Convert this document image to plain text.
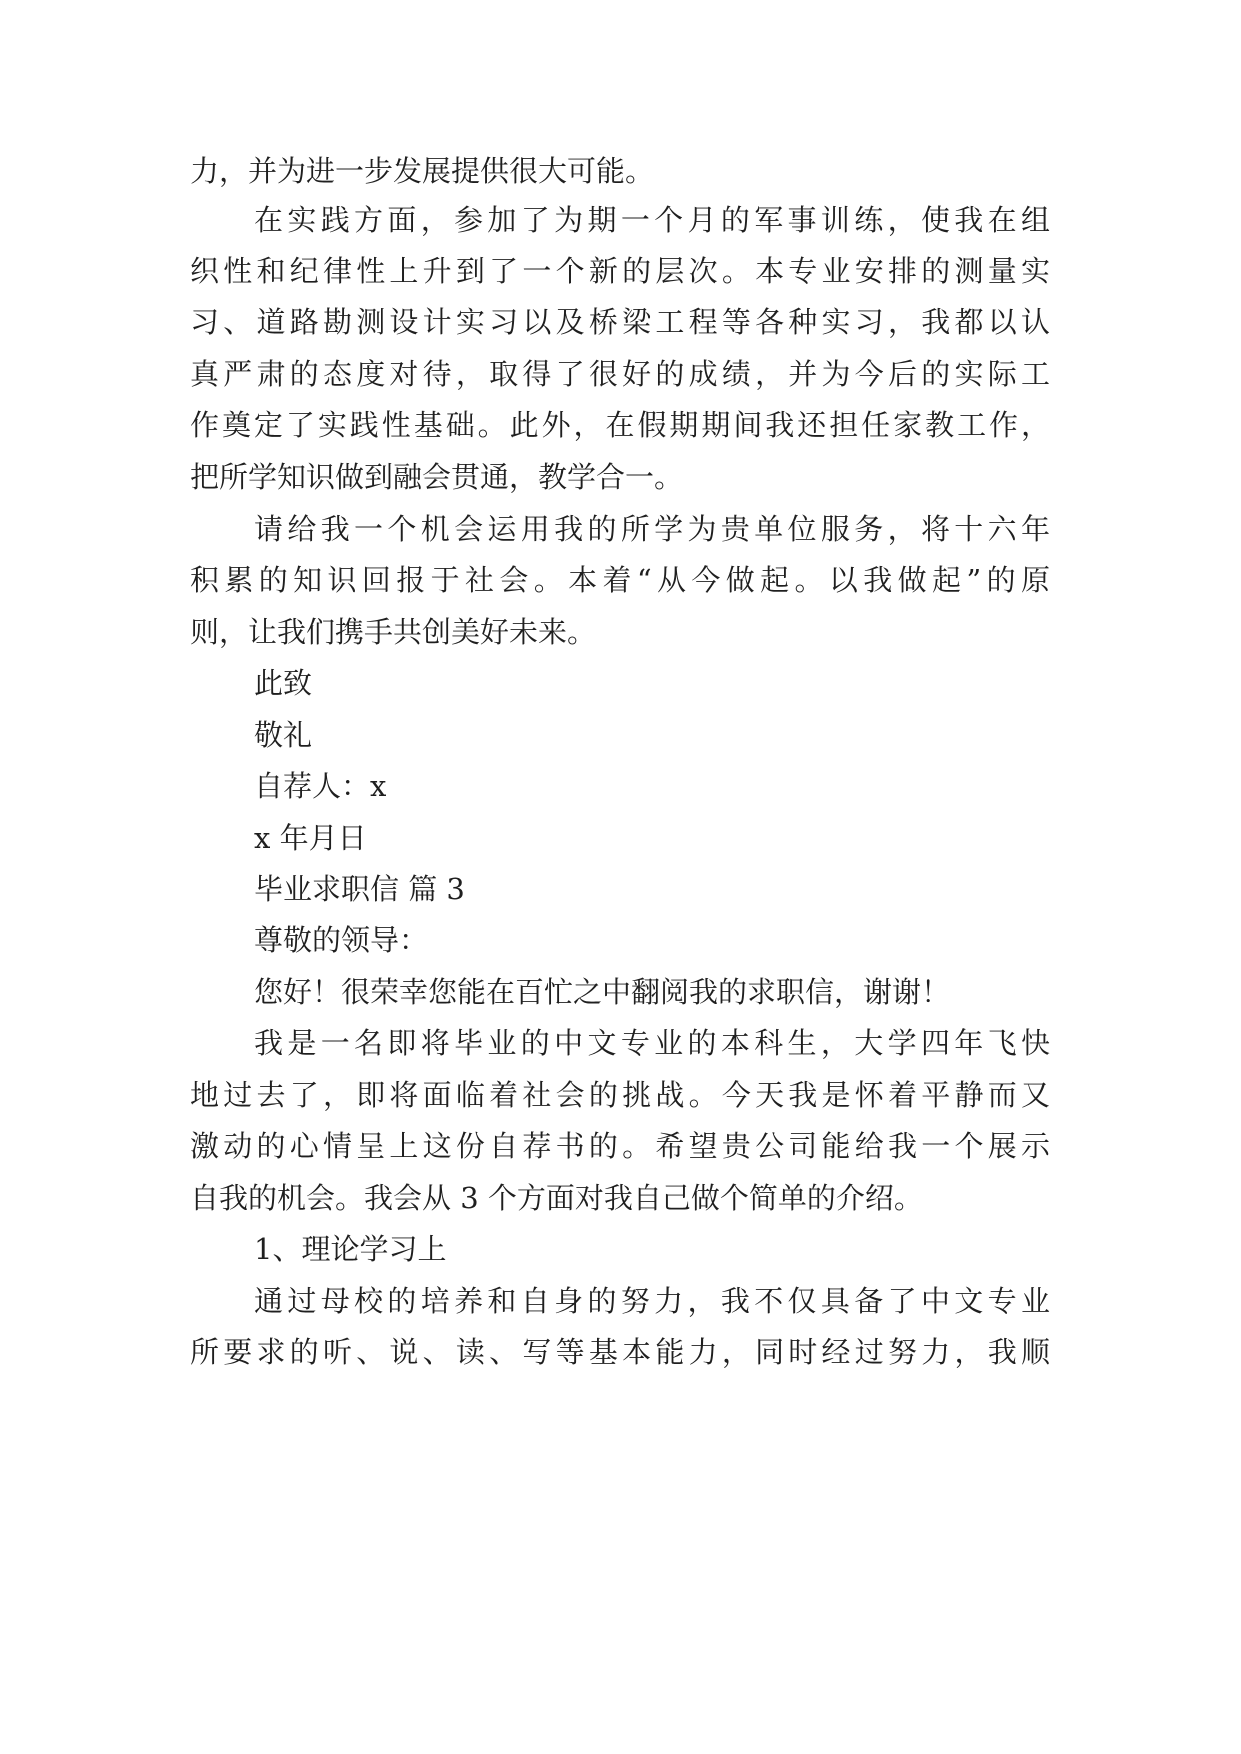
力，并为进一步发展提供很大可能。
在实践方面，参加了为期一个月的军事训练，使我在组
织性和纪律性上升到了一个新的层次。本专业安排的测量实
习、道路勘测设计实习以及桥梁工程等各种实习，我都以认
真严肃的态度对待，取得了很好的成绩，并为今后的实际工
作奠定了实践性基础。此外，在假期期间我还担任家教工作，
把所学知识做到融会贯通，教学合一。
请给我一个机会运用我的所学为贵单位服务，将十六年
积累的知识回报于社会。本着“从今做起。以我做起”的原
则，让我们携手共创美好未来。
此致
敬礼
自荐人：x
x 年月日
毕业求职信 篇 3
尊敬的领导：
您好！很荣幸您能在百忙之中翻阅我的求职信，谢谢！
我是一名即将毕业的中文专业的本科生，大学四年飞快
地过去了，即将面临着社会的挑战。今天我是怀着平静而又
激动的心情呈上这份自荐书的。希望贵公司能给我一个展示
自我的机会。我会从 3 个方面对我自己做个简单的介绍。
1、理论学习上
通过母校的培养和自身的努力，我不仅具备了中文专业
所要求的听、说、读、写等基本能力，同时经过努力，我顺
